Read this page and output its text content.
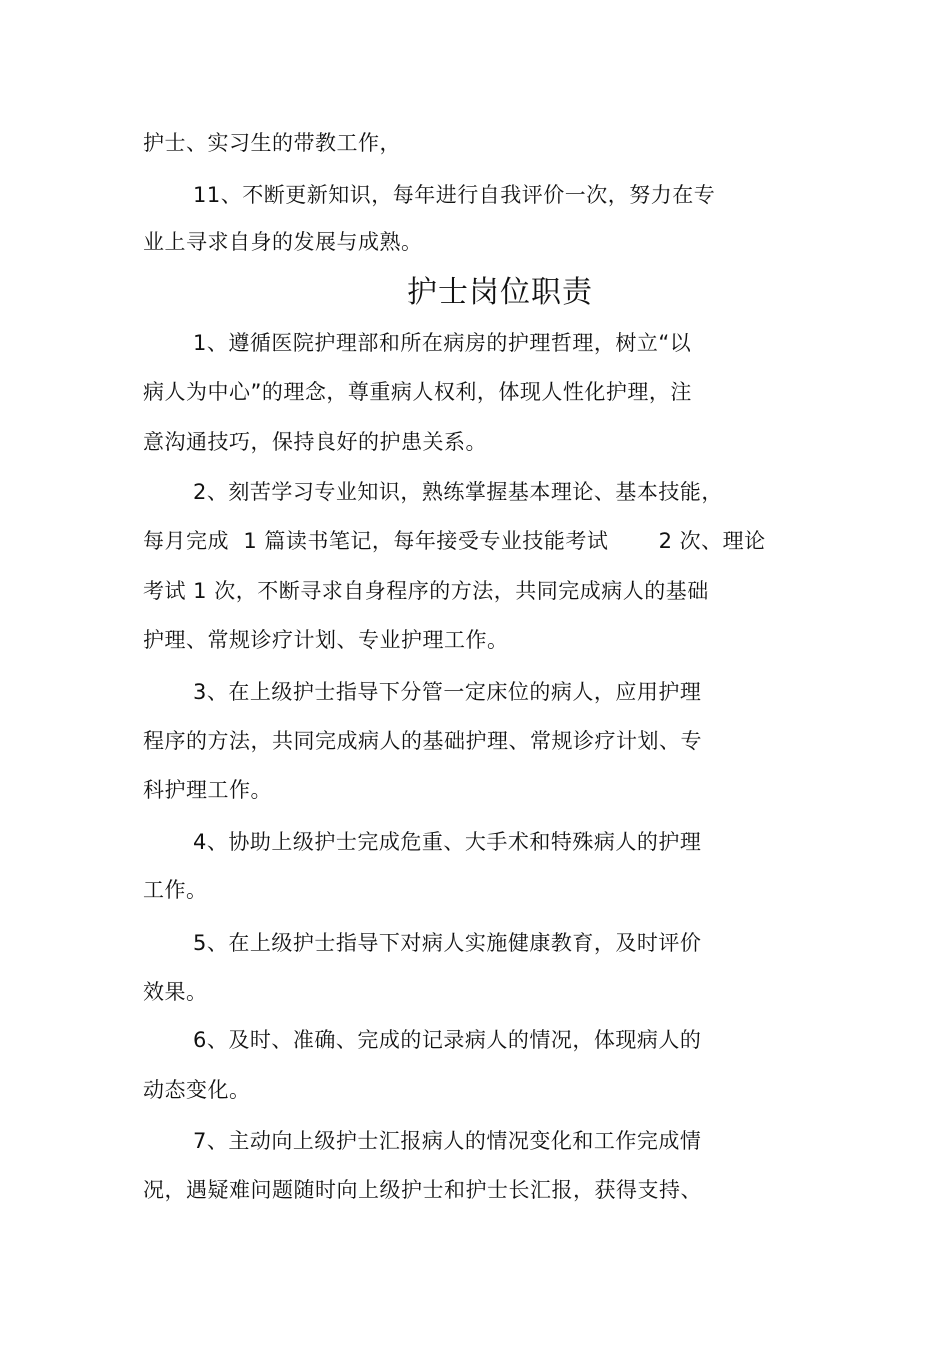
护士、实习生的带教工作，
11、不断更新知识，每年进行自我评价一次，努力在专
业上寻求自身的发展与成熟。
护士岗位职责
1、遵循医院护理部和所在病房的护理哲理，树立“以
病人为中心”的理念，尊重病人权利，体现人性化护理，注
意沟通技巧，保持良好的护患关系。
2、刻苦学习专业知识，熟练掌握基本理论、基本技能，
每月完成  1 篇读书笔记，每年接受专业技能考试       2 次、理论
考试 1 次，不断寻求自身程序的方法，共同完成病人的基础
护理、常规诊疗计划、专业护理工作。
3、在上级护士指导下分管一定床位的病人，应用护理
程序的方法，共同完成病人的基础护理、常规诊疗计划、专
科护理工作。
4、协助上级护士完成危重、大手术和特殊病人的护理
工作。
5、在上级护士指导下对病人实施健康教育，及时评价
效果。
6、及时、准确、完成的记录病人的情况，体现病人的
动态变化。
7、主动向上级护士汇报病人的情况变化和工作完成情
况，遇疑难问题随时向上级护士和护士长汇报，获得支持、
